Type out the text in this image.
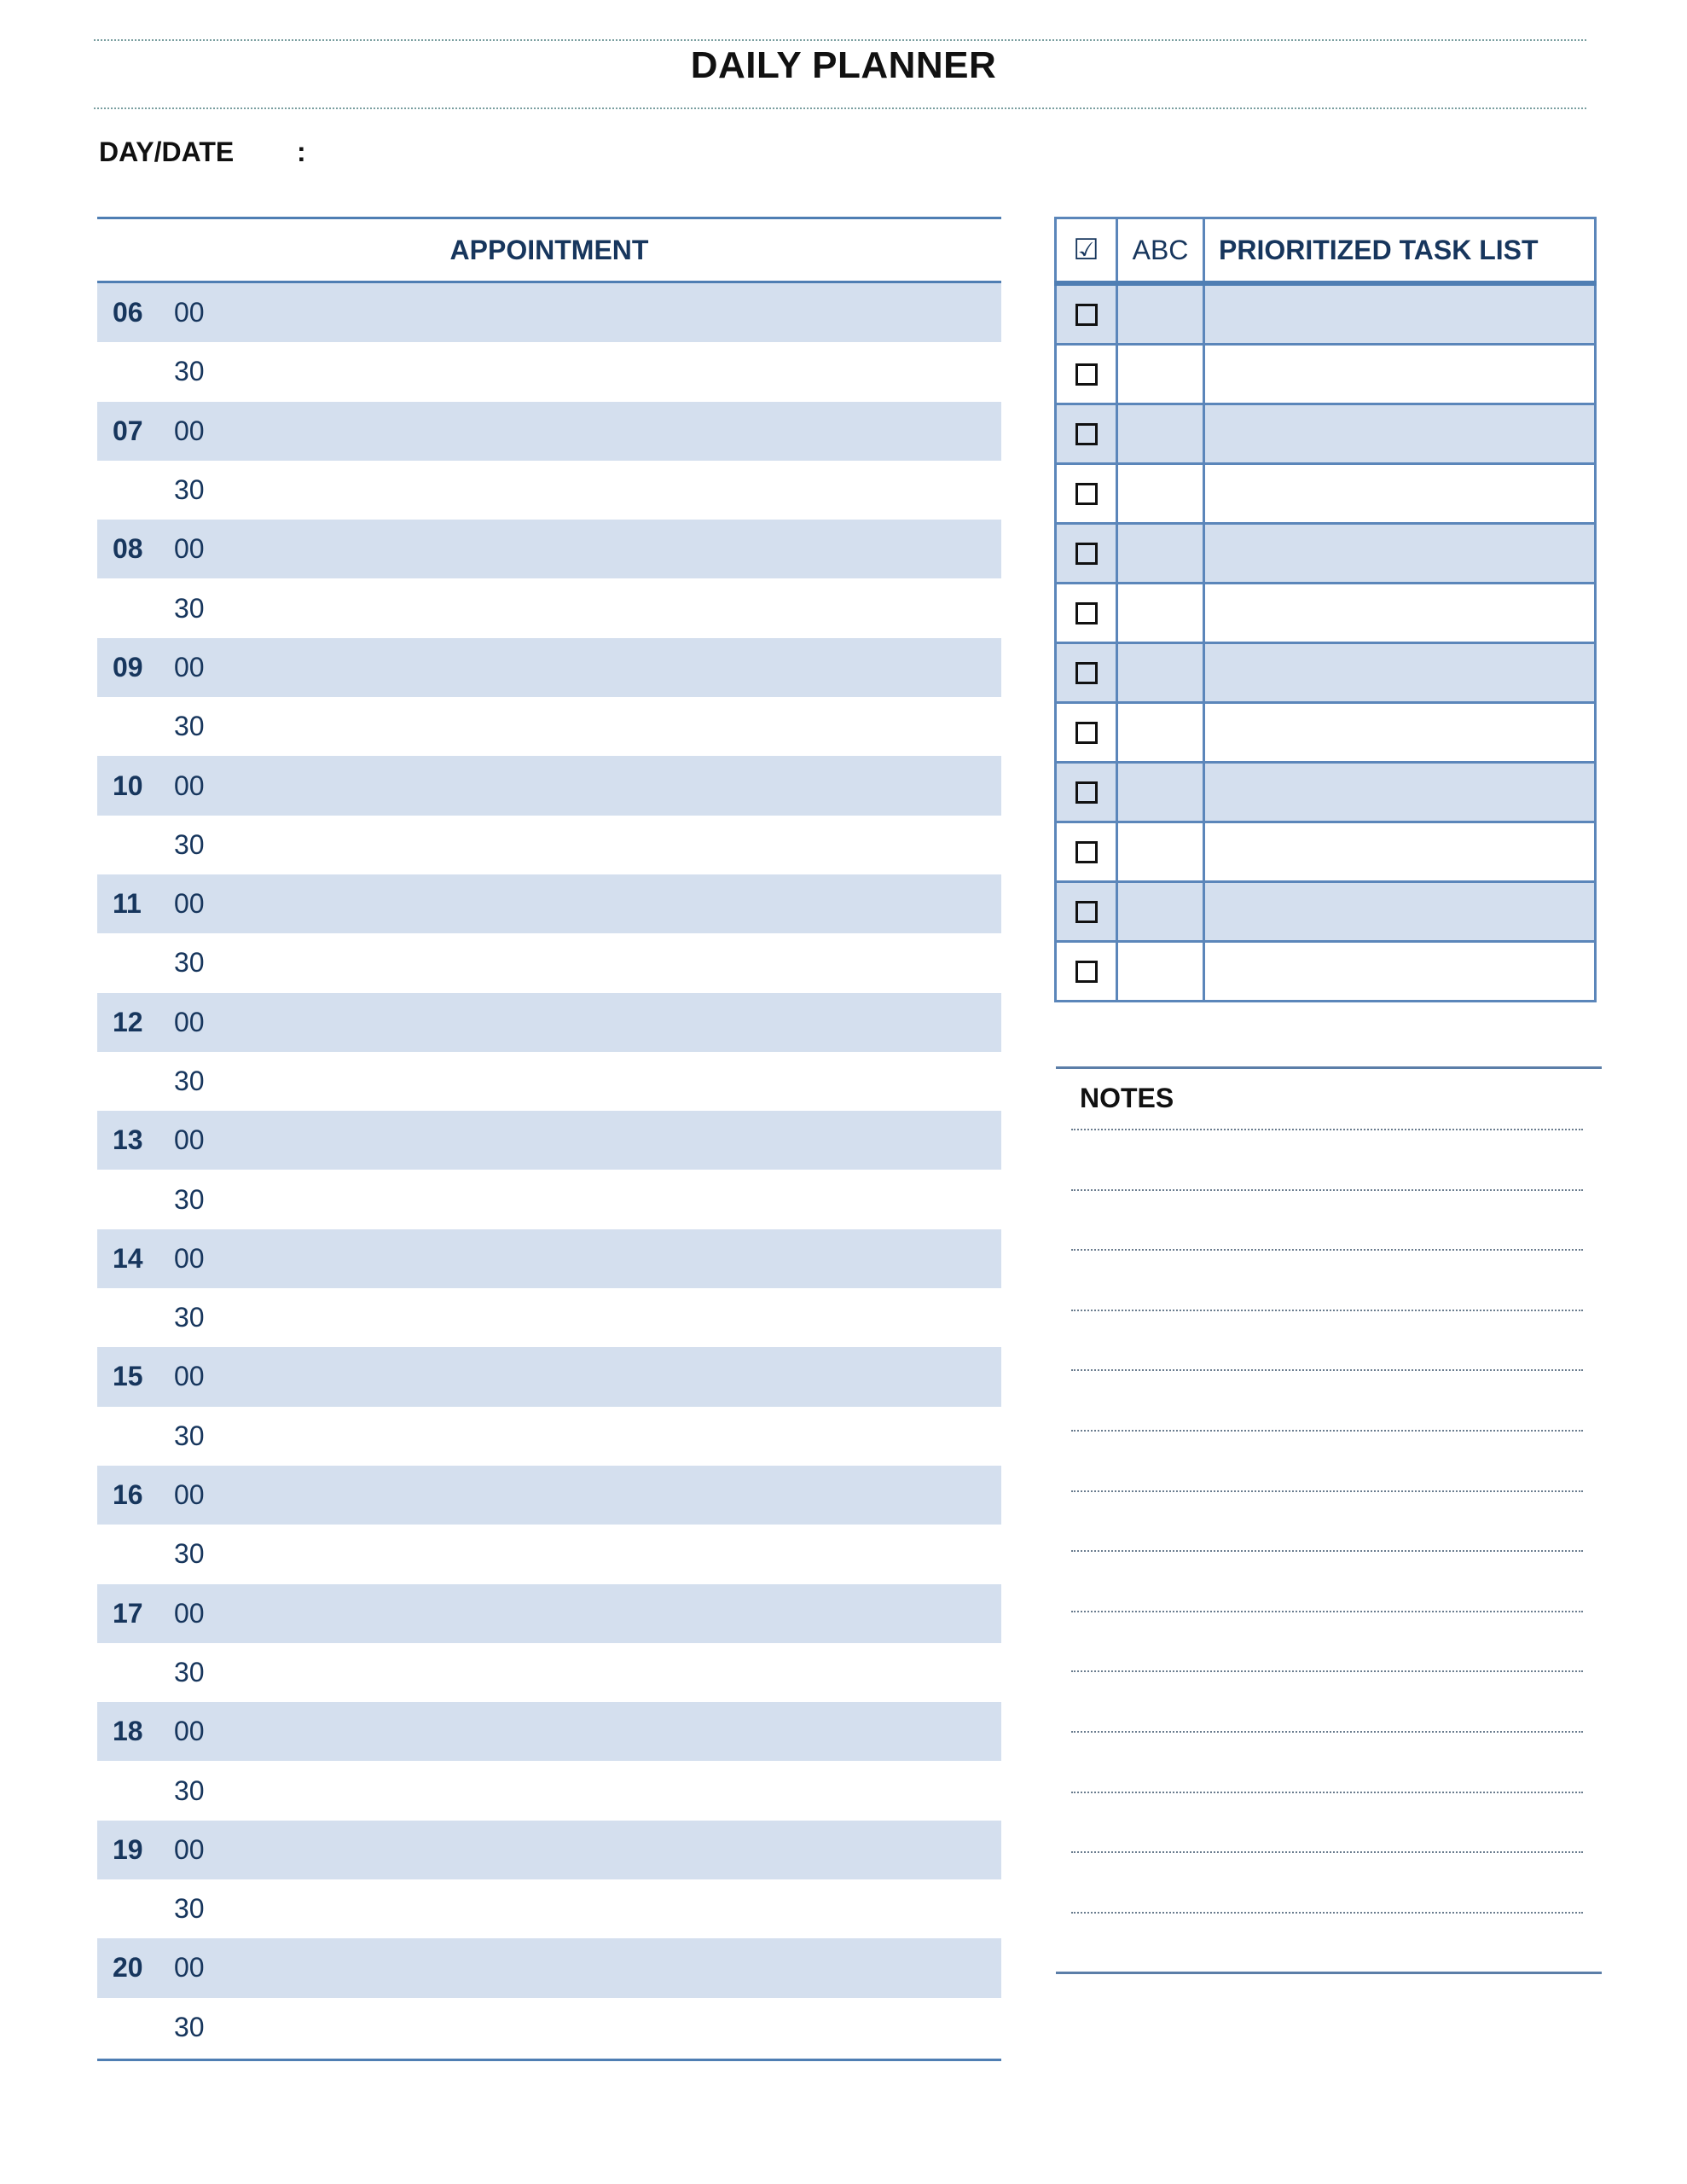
DAILY PLANNER
DAY/DATE :
APPOINTMENT
06 00
30
07 00
30
08 00
30
09 00
30
10 00
30
11 00
30
12 00
30
13 00
30
14 00
30
15 00
30
16 00
30
17 00
30
18 00
30
19 00
30
20 00
30
☑	ABC	PRIORITIZED TASK LIST

NOTES
